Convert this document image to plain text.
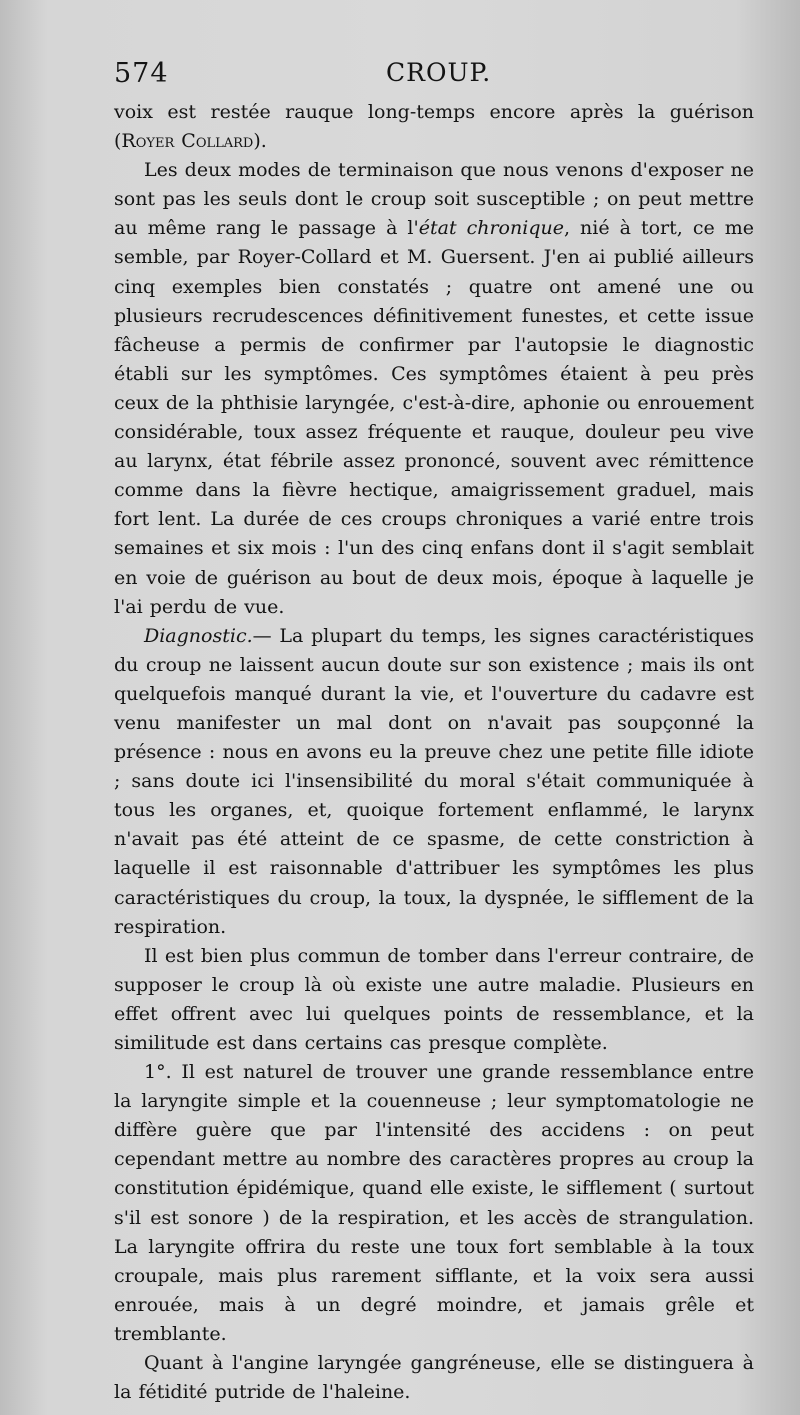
574	CROUP.

voix est restée rauque long-temps encore après la guérison (Royer Collard).

Les deux modes de terminaison que nous venons d'exposer ne sont pas les seuls dont le croup soit susceptible ; on peut mettre au même rang le passage à l'état chronique, nié à tort, ce me semble, par Royer-Collard et M. Guersent. J'en ai publié ailleurs cinq exemples bien constatés ; quatre ont amené une ou plusieurs recrudescences définitivement funestes, et cette issue fâcheuse a permis de confirmer par l'autopsie le diagnostic établi sur les symptômes. Ces symptômes étaient à peu près ceux de la phthisie laryngée, c'est-à-dire, aphonie ou enrouement considérable, toux assez fréquente et rauque, douleur peu vive au larynx, état fébrile assez prononcé, souvent avec rémittence comme dans la fièvre hectique, amaigrissement graduel, mais fort lent. La durée de ces croups chroniques a varié entre trois semaines et six mois : l'un des cinq enfans dont il s'agit semblait en voie de guérison au bout de deux mois, époque à laquelle je l'ai perdu de vue.

Diagnostic.— La plupart du temps, les signes caractéristiques du croup ne laissent aucun doute sur son existence ; mais ils ont quelquefois manqué durant la vie, et l'ouverture du cadavre est venu manifester un mal dont on n'avait pas soupçonné la présence : nous en avons eu la preuve chez une petite fille idiote ; sans doute ici l'insensibilité du moral s'était communiquée à tous les organes, et, quoique fortement enflammé, le larynx n'avait pas été atteint de ce spasme, de cette constriction à laquelle il est raisonnable d'attribuer les symptômes les plus caractéristiques du croup, la toux, la dyspnée, le sifflement de la respiration.

Il est bien plus commun de tomber dans l'erreur contraire, de supposer le croup là où existe une autre maladie. Plusieurs en effet offrent avec lui quelques points de ressemblance, et la similitude est dans certains cas presque complète.

1°. Il est naturel de trouver une grande ressemblance entre la laryngite simple et la couenneuse ; leur symptomatologie ne diffère guère que par l'intensité des accidens : on peut cependant mettre au nombre des caractères propres au croup la constitution épidémique, quand elle existe, le sifflement ( surtout s'il est sonore ) de la respiration, et les accès de strangulation. La laryngite offrira du reste une toux fort semblable à la toux croupale, mais plus rarement sifflante, et la voix sera aussi enrouée, mais à un degré moindre, et jamais grêle et tremblante.

Quant à l'angine laryngée gangréneuse, elle se distinguera à la fétidité putride de l'haleine.
